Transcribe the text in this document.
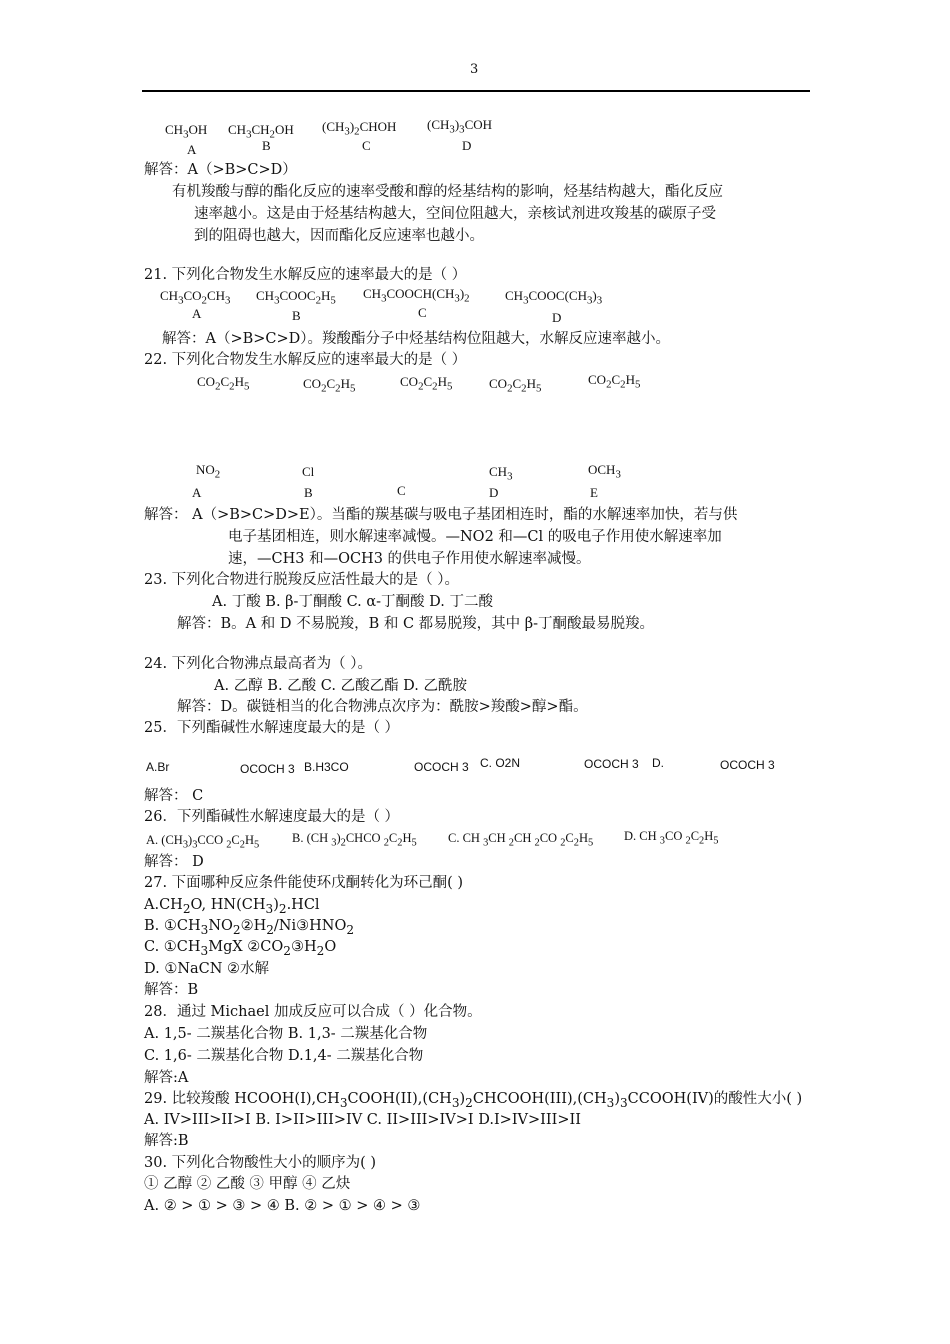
3
$CH_3OH$ $CH_3CH_2OH$ $(CH_3)_2CHOH$ $(CH_3)_3COH$
A	B	C	D
解答：A（>B>C>D）
有机羧酸与醇的酯化反应的速率受酸和醇的烃基结构的影响，烃基结构越大，酯化反应
速率越小。这是由于烃基结构越大，空间位阻越大，亲核试剂进攻羧基的碳原子受
到的阻碍也越大，因而酯化反应速率也越小。
21. 下列化合物发生水解反应的速率最大的是（ ）
$CH_3CO_2CH_3$ $CH_3COOC_2H_5$ $CH_3COOCH(CH_3)_2$	$CH_3COOC(CH_3)_3$
A	B	C	D
解答：A（>B>C>D）。羧酸酯分子中烃基结构位阻越大，水解反应速率越小。
22. 下列化合物发生水解反应的速率最大的是（ ）
$CO_2C_2H_5$	$CO_2C_2H_5$	$CO_2C_2H_5$	$CO_2C_2H_5$
$CO_2C_2H_5$
$NO_2$	Cl	$CH_3$	$OCH_3$
A	B	C	D	E
解答： A（>B>C>D>E）。当酯的羰基碳与吸电子基团相连时，酯的水解速率加快，若与供
电子基团相连，则水解速率减慢。—NO2 和—Cl 的吸电子作用使水解速率加
速，—CH3 和—OCH3 的供电子作用使水解速率减慢。
23. 下列化合物进行脱羧反应活性最大的是（ ）。
A. 丁酸 B. β-丁酮酸 C. α-丁酮酸 D. 丁二酸
解答：B。A 和 D 不易脱羧，B 和 C 都易脱羧，其中 β-丁酮酸最易脱羧。
24. 下列化合物沸点最高者为（ ）。
A. 乙醇 B. 乙酸 C. 乙酸乙酯 D. 乙酰胺
解答：D。碳链相当的化合物沸点次序为：酰胺>羧酸>醇>酯。
25．下列酯碱性水解速度最大的是（ ）
A.Br	OCOCH 3 B.H3CO	OCOCH 3 C. O2N	OCOCH 3 D.	OCOCH 3
解答： C
26．下列酯碱性水解速度最大的是（ ）
A. $(CH_3)_3CCO$ $_2C_2H_5$	B. (CH $_3)_2CHCO$ $_2C_2H_5$	C. CH $_3$CH $_2$CH $_2$CO $_2C_2H_5$ D. CH $_3$CO $_2C_2H_5$
解答： D
27. 下面哪种反应条件能使环戊酮转化为环己酮( )
$A.CH_2O$, $HN(CH_3)_2.HCl$
B. $①CH_3NO_2②H_2/Ni③HNO_2$
C. $①CH_3MgX$ $②CO_2③H_2O$
D. ①NaCN ②水解
解答：B
28．通过 Michael 加成反应可以合成（ ）化合物。
A. 1,5- 二羰基化合物 B. 1,3- 二羰基化合物
C. 1,6- 二羰基化合物 D.1,4- 二羰基化合物
解答:A
29. 比较羧酸 $HCOOH(I),CH_3COOH(II),(CH_3)_2CHCOOH(III),(CH_3)_3CCOOH(IV)$的酸性大小( )
A. IV>III>II>I B. I>II>III>IV C. II>III>IV>I D.I>IV>III>II
解答:B
30. 下列化合物酸性大小的顺序为( )
① 乙醇 ② 乙酸 ③ 甲醇 ④ 乙炔
A. ② > ① > ③ > ④ B. ② > ① > ④ > ③
